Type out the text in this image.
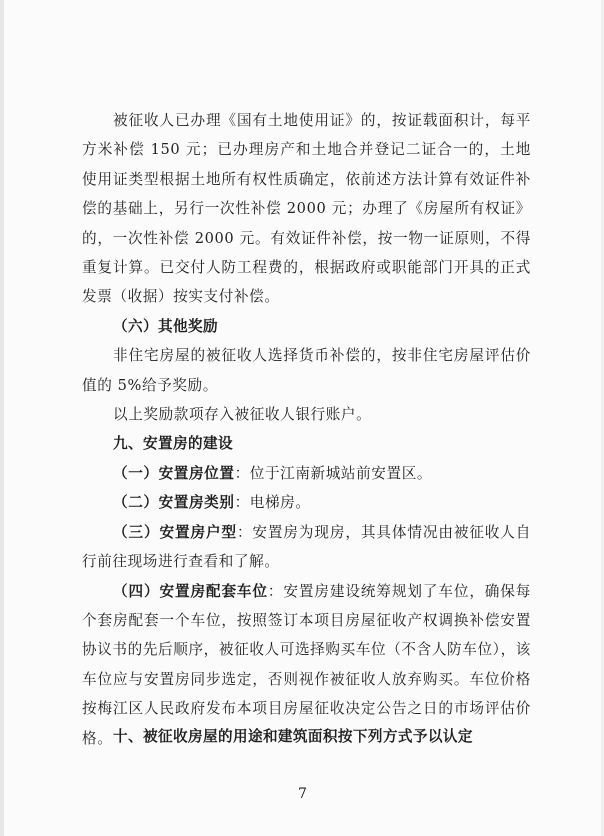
被征收人已办理《国有土地使用证》的，按证载面积计，每平方米补偿 150 元；已办理房产和土地合并登记二证合一的，土地使用证类型根据土地所有权性质确定，依前述方法计算有效证件补偿的基础上，另行一次性补偿 2000 元；办理了《房屋所有权证》的，一次性补偿 2000 元。有效证件补偿，按一物一证原则，不得重复计算。已交付人防工程费的，根据政府或职能部门开具的正式发票（收据）按实支付补偿。

（六）其他奖励

非住宅房屋的被征收人选择货币补偿的，按非住宅房屋评估价值的 5%给予奖励。

以上奖励款项存入被征收人银行账户。

九、安置房的建设

（一）安置房位置：位于江南新城站前安置区。

（二）安置房类别：电梯房。

（三）安置房户型：安置房为现房，其具体情况由被征收人自行前往现场进行查看和了解。

（四）安置房配套车位：安置房建设统筹规划了车位，确保每个套房配套一个车位，按照签订本项目房屋征收产权调换补偿安置协议书的先后顺序，被征收人可选择购买车位（不含人防车位），该车位应与安置房同步选定，否则视作被征收人放弃购买。车位价格按梅江区人民政府发布本项目房屋征收决定公告之日的市场评估价格。 十、被征收房屋的用途和建筑面积按下列方式予以认定

7
